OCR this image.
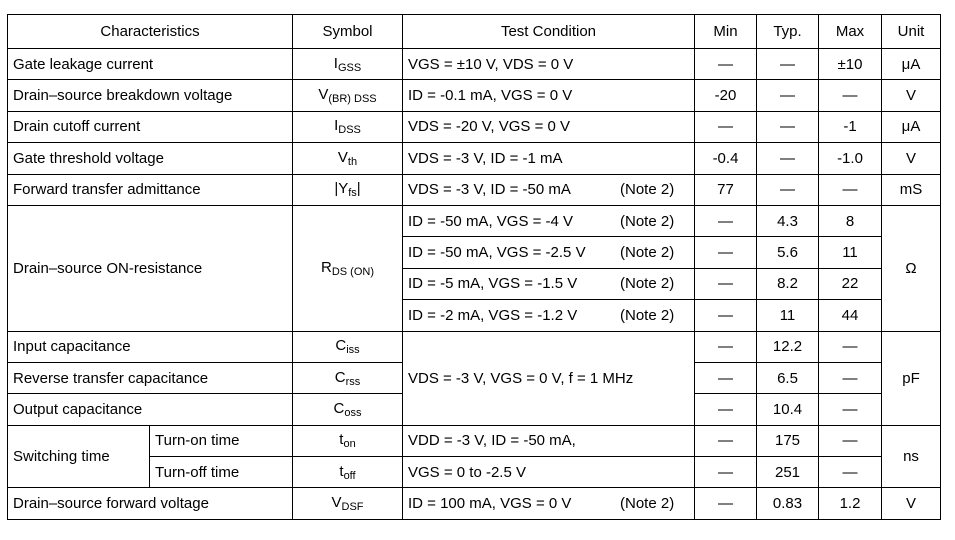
Characteristics		Symbol	Test Condition	Min	Typ.	Max	Unit
Gate leakage current		$I_{GSS}$	VGS = ±10 V, VDS = 0 V	—	—	±10	μA
Drain–source breakdown voltage		$V_{(BR) DSS}$	ID = -0.1 mA, VGS = 0 V	-20	—	—	V
Drain cutoff current		$I_{DSS}$	VDS = -20 V, VGS = 0 V	—	—	-1	μA
Gate threshold voltage		$V_{th}$	VDS = -3 V, ID = -1 mA	-0.4	—	-1.0	V
Forward transfer admittance		$|Y_{fs}|$	VDS = -3 V, ID = -50 mA (Note 2)	77	—	—	mS
Drain–source ON-resistance		$R_{DS (ON)}$	ID = -50 mA, VGS = -4 V (Note 2)	—	4.3	8	Ω
			ID = -50 mA, VGS = -2.5 V (Note 2)	—	5.6	11	
			ID = -5 mA, VGS = -1.5 V (Note 2)	—	8.2	22	
			ID = -2 mA, VGS = -1.2 V (Note 2)	—	11	44	
Input capacitance		$C_{iss}$	VDS = -3 V, VGS = 0 V, f = 1 MHz	—	12.2	—	pF
Reverse transfer capacitance		$C_{rss}$		—	6.5	—	
Output capacitance		$C_{oss}$		—	10.4	—	
Switching time	Turn-on time	$t_{on}$	VDD = -3 V, ID = -50 mA,	—	175	—	ns
	Turn-off time	$t_{off}$	VGS = 0 to -2.5 V	—	251	—	
Drain–source forward voltage		$V_{DSF}$	ID = 100 mA, VGS = 0 V (Note 2)	—	0.83	1.2	V
